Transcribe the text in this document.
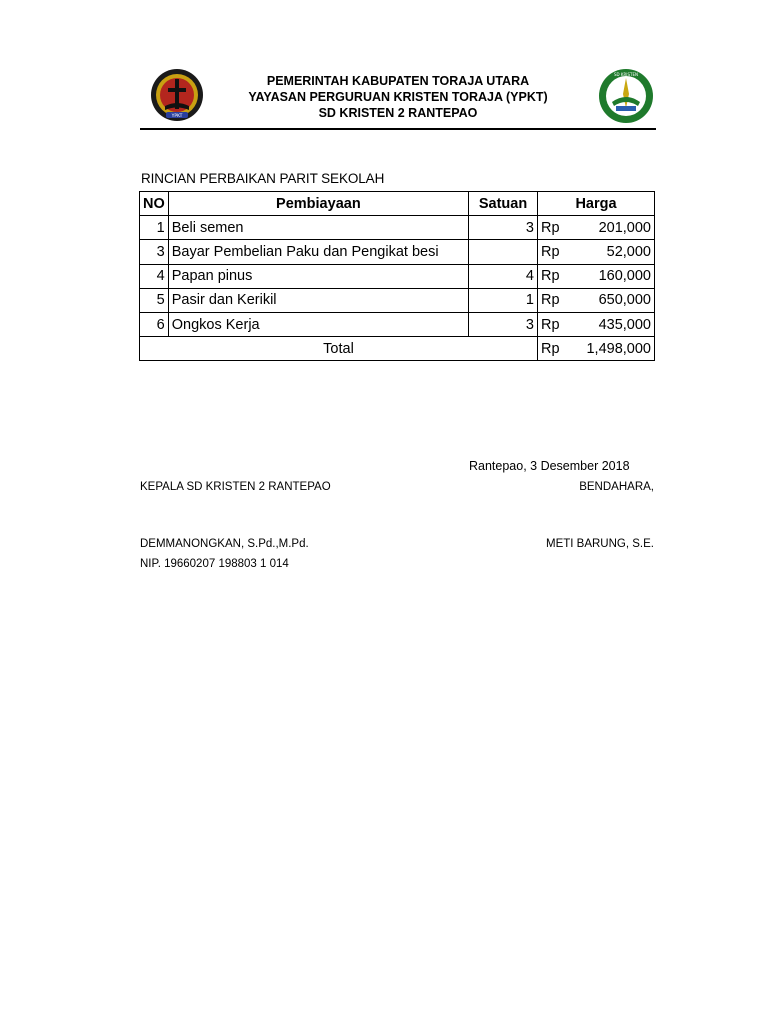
YPKT
PEMERINTAH KABUPATEN TORAJA UTARA
YAYASAN PERGURUAN KRISTEN TORAJA (YPKT)
SD KRISTEN 2 RANTEPAO
SD KRISTEN
RINCIAN PERBAIKAN PARIT SEKOLAH
NO	Pembiayaan	Satuan	Harga	
1	Beli semen	3	Rp	201,000
3	Bayar Pembelian Paku dan Pengikat besi		Rp	52,000
4	Papan pinus	4	Rp	160,000
5	Pasir dan Kerikil	1	Rp	650,000
6	Ongkos Kerja	3	Rp	435,000
Total			Rp	1,498,000
Rantepao, 3 Desember 2018
KEPALA SD KRISTEN 2 RANTEPAO	BENDAHARA,
DEMMANONGKAN, S.Pd.,M.Pd.
NIP. 19660207 198803 1 014
METI BARUNG, S.E.
